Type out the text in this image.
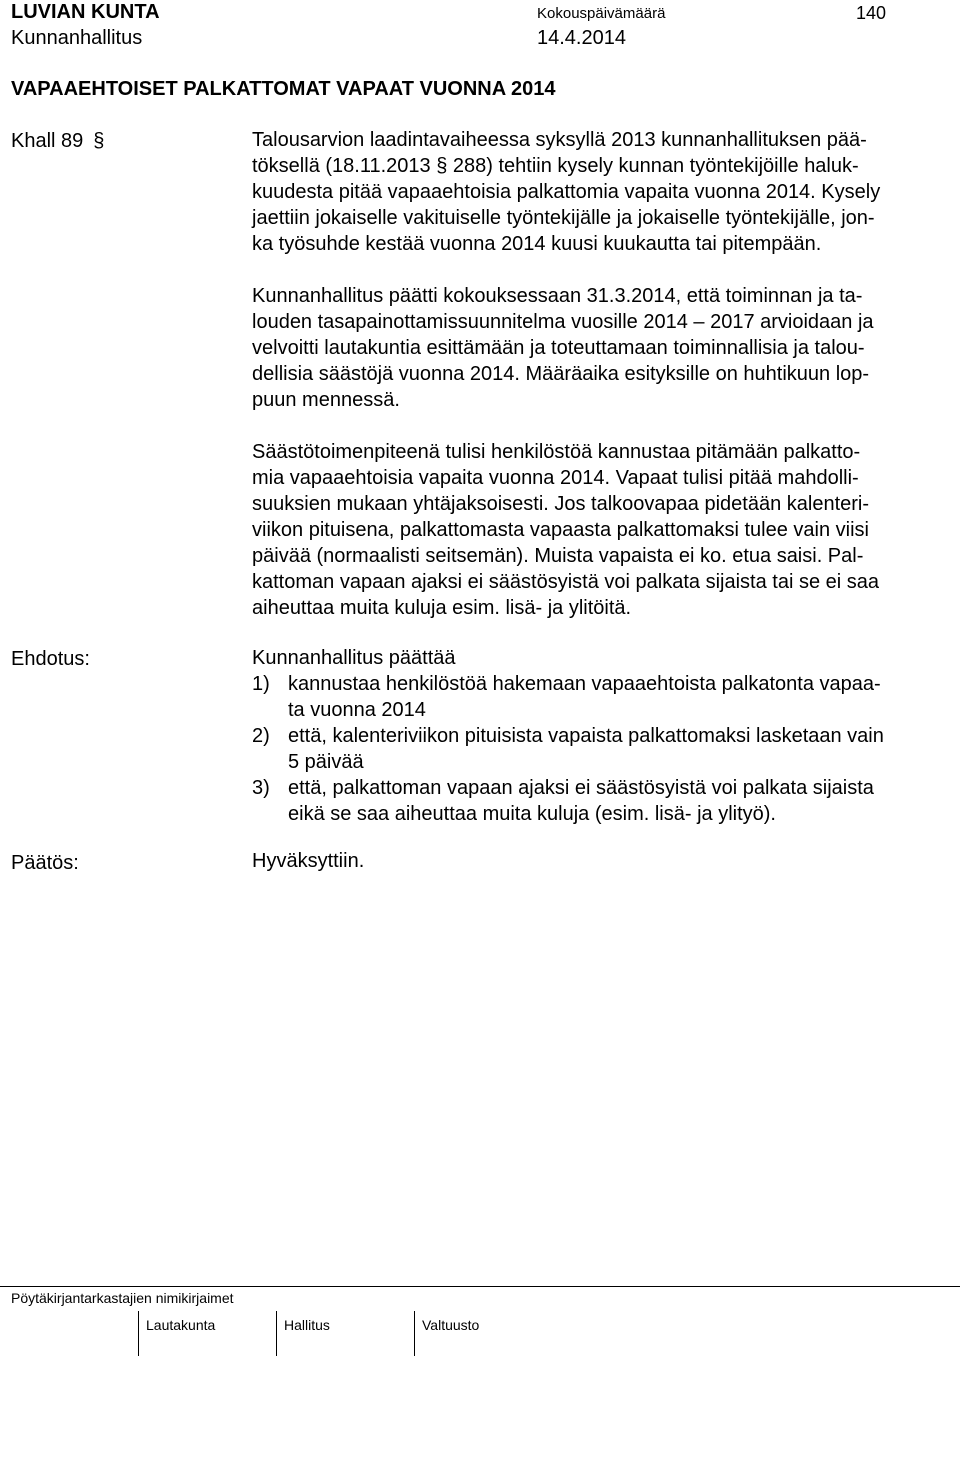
LUVIAN KUNTA	Kokouspäivämäärä	140
Kunnanhallitus	14.4.2014
VAPAAEHTOISET PALKATTOMAT VAPAAT VUONNA 2014
Khall 89 §	Talousarvion laadintavaiheessa syksyllä 2013 kunnanhallituksen pää-
töksellä (18.11.2013 § 288) tehtiin kysely kunnan työntekijöille haluk-
kuudesta pitää vapaaehtoisia palkattomia vapaita vuonna 2014. Kysely
jaettiin jokaiselle vakituiselle työntekijälle ja jokaiselle työntekijälle, jon-
ka työsuhde kestää vuonna 2014 kuusi kuukautta tai pitempään.
Kunnanhallitus päätti kokouksessaan 31.3.2014, että toiminnan ja ta-
louden tasapainottamissuunnitelma vuosille 2014 – 2017 arvioidaan ja
velvoitti lautakuntia esittämään ja toteuttamaan toiminnallisia ja talou-
dellisia säästöjä vuonna 2014. Määräaika esityksille on huhtikuun lop-
puun mennessä.
Säästötoimenpiteenä tulisi henkilöstöä kannustaa pitämään palkatto-
mia vapaaehtoisia vapaita vuonna 2014. Vapaat tulisi pitää mahdolli-
suuksien mukaan yhtäjaksoisesti. Jos talkoovapaa pidetään kalenteri-
viikon pituisena, palkattomasta vapaasta palkattomaksi tulee vain viisi
päivää (normaalisti seitsemän). Muista vapaista ei ko. etua saisi. Pal-
kattoman vapaan ajaksi ei säästösyistä voi palkata sijaista tai se ei saa
aiheuttaa muita kuluja esim. lisä- ja ylitöitä.
Ehdotus:	Kunnanhallitus päättää
1) kannustaa henkilöstöä hakemaan vapaaehtoista palkatonta vapaa-
ta vuonna 2014
2) että, kalenteriviikon pituisista vapaista palkattomaksi lasketaan vain
5 päivää
3) että, palkattoman vapaan ajaksi ei säästösyistä voi palkata sijaista
eikä se saa aiheuttaa muita kuluja (esim. lisä- ja ylityö).
Päätös:	Hyväksyttiin.
Pöytäkirjantarkastajien nimikirjaimet
Lautakunta	Hallitus	Valtuusto
